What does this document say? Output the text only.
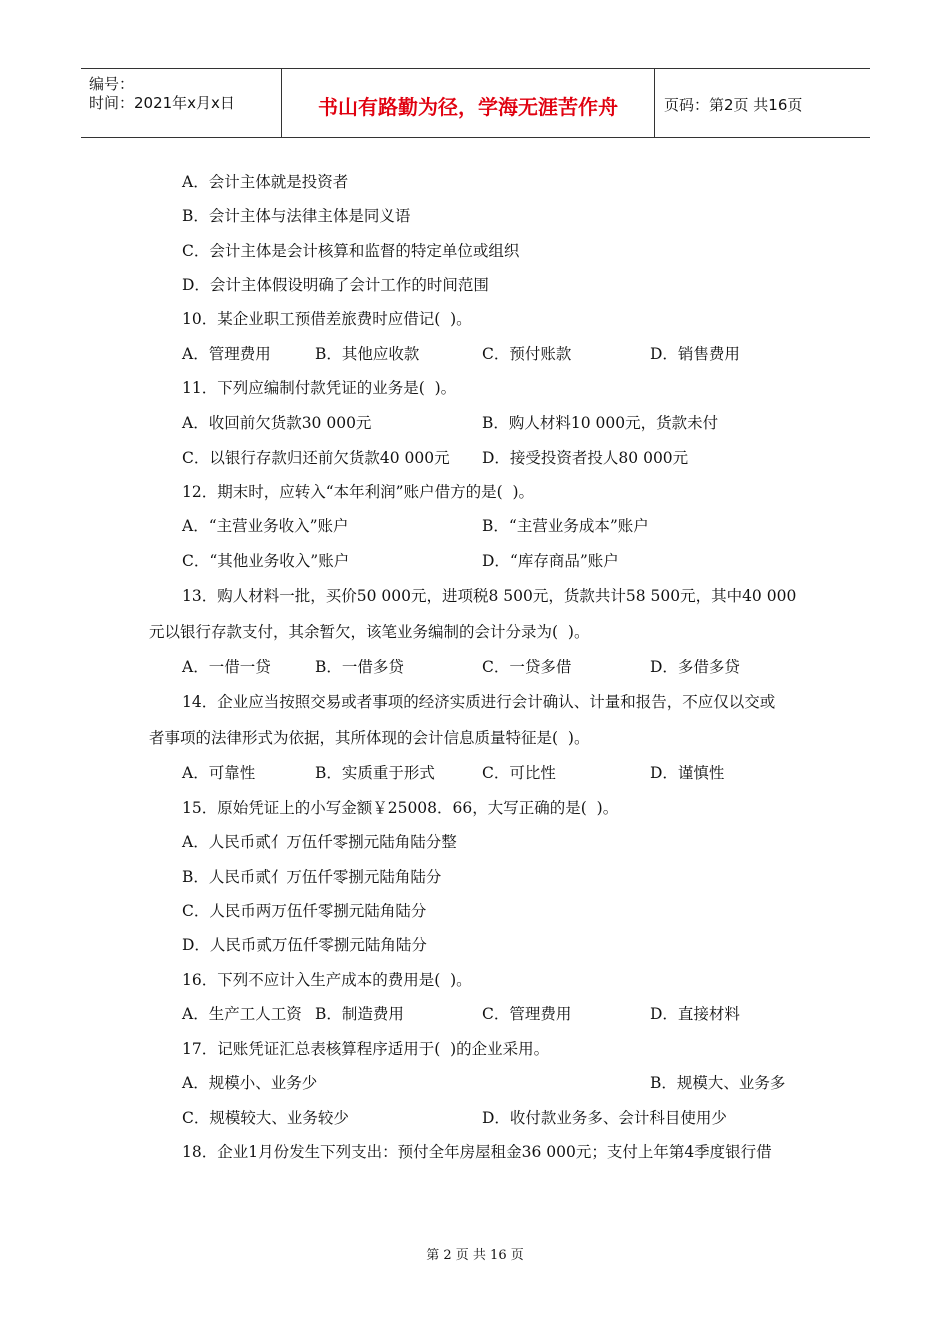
编号：
时间：2021年x月x日	书山有路勤为径，学海无涯苦作舟	页码：第2页 共16页
A．会计主体就是投资者
B．会计主体与法律主体是同义语
C．会计主体是会计核算和监督的特定单位或组织
D．会计主体假设明确了会计工作的时间范围
10．某企业职工预借差旅费时应借记(  )。
A．管理费用	B．其他应收款	C．预付账款	D．销售费用
11．下列应编制付款凭证的业务是(  )。
A．收回前欠货款30 000元	B．购人材料10 000元，货款未付
C．以银行存款归还前欠货款40 000元 D．接受投资者投人80 000元
12．期末时，应转入“本年利润”账户借方的是(  )。
A．“主营业务收入”账户	B．“主营业务成本”账户
C．“其他业务收入”账户	D．“库存商品”账户
13．购人材料一批，买价50 000元，进项税8 500元，货款共计58 500元，其中40 000
元以银行存款支付，其余暂欠，该笔业务编制的会计分录为(  )。
A．一借一贷	B．一借多贷	C．一贷多借	D．多借多贷
14．企业应当按照交易或者事项的经济实质进行会计确认、计量和报告，不应仅以交或
者事项的法律形式为依据，其所体现的会计信息质量特征是(  )。
A．可靠性	B．实质重于形式	C．可比性	D．谨慎性
15．原始凭证上的小写金额￥25008．66，大写正确的是(  )。
A．人民币贰亻万伍仟零捌元陆角陆分整
B．人民币贰亻万伍仟零捌元陆角陆分
C．人民币两万伍仟零捌元陆角陆分
D．人民币贰万伍仟零捌元陆角陆分
16．下列不应计入生产成本的费用是(  )。
A．生产工人工资 B．制造费用	C．管理费用	D．直接材料
17．记账凭证汇总表核算程序适用于(  )的企业采用。
A．规模小、业务少	B．规模大、业务多
C．规模较大、业务较少	D．收付款业务多、会计科目使用少
18．企业1月份发生下列支出：预付全年房屋租金36 000元；支付上年第4季度银行借
第 2 页 共 16 页
